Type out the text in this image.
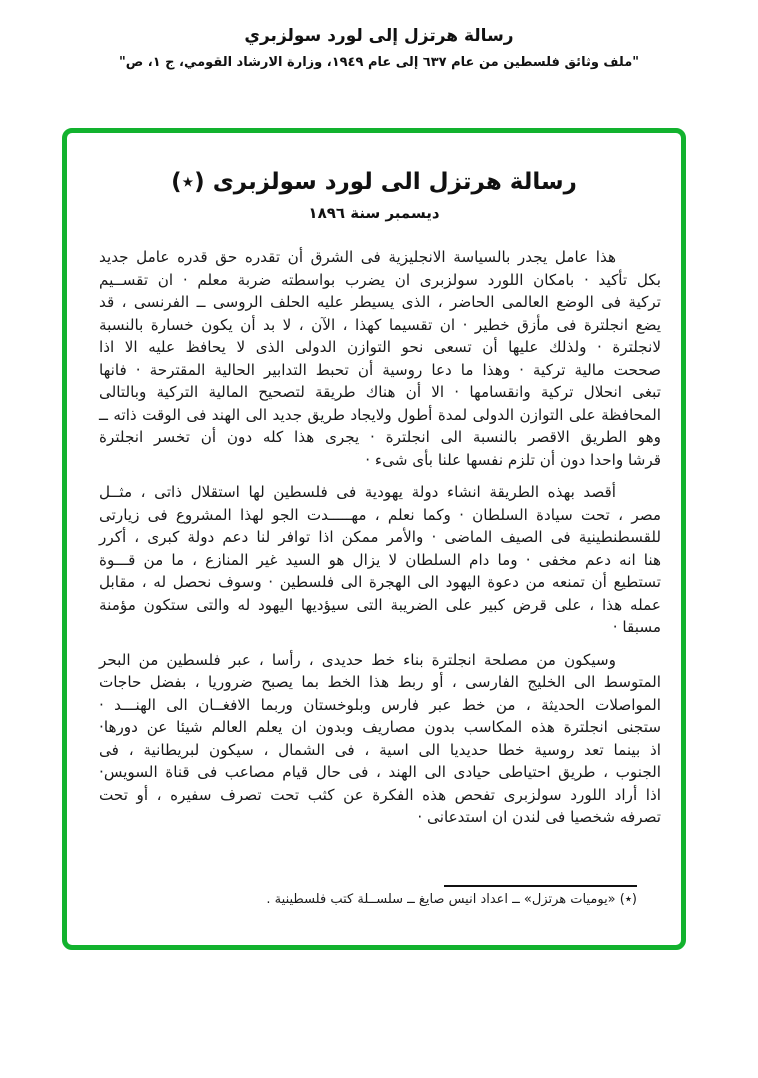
رسالة هرتزل إلى لورد سولزبري
"ملف وثائق فلسطين من عام ٦٣٧ إلى عام ١٩٤٩، وزارة الارشاد القومي، ج ١، ص"
رسالة هرتزل الى لورد سولزبرى (٭)
ديسمبر سنة ١٨٩٦
هذا عامل يجدر بالسياسة الانجليزية فى الشرق أن تقدره حق قدره عامل جديد
بكل تأكيد · بامكان اللورد سولزبرى ان يضرب بواسطته ضربة معلم · ان تقســيم
تركية فى الوضع العالمى الحاضر ، الذى يسيطر عليه الحلف الروسى ــ الفرنسى ، قد
يضع انجلترة فى مأزق خطير · ان تقسيما كهذا ، الآن ، لا بد أن يكون خسارة بالنسبة
لانجلترة · ولذلك عليها أن تسعى نحو التوازن الدولى الذى لا يحافظ عليه الا اذا
صححت مالية تركية · وهذا ما دعا روسية أن تحبط التدابير الحالية المقترحة · فانها
تبغى انحلال تركية وانقسامها · الا أن هناك طريقة لتصحيح المالية التركية وبالتالى
المحافظة على التوازن الدولى لمدة أطول ولايجاد طريق جديد الى الهند فى الوقت ذاته ــ
وهو الطريق الاقصر بالنسبة الى انجلترة · يجرى هذا كله دون أن تخسر انجلترة
قرشا واحدا دون أن تلزم نفسها علنا بأى شىء ·
أقصد بهذه الطريقة انشاء دولة يهودية فى فلسطين لها استقلال ذاتى ، مثــل
مصر ، تحت سيادة السلطان · وكما نعلم ، مهـــــدت الجو لهذا المشروع فى زيارتى
للقسطنطينية فى الصيف الماضى · والأمر ممكن اذا توافر لنا دعم دولة كبرى ، أكرر
هنا انه دعم مخفى · وما دام السلطان لا يزال هو السيد غير المنازع ، ما من قـــوة
تستطيع أن تمنعه من دعوة اليهود الى الهجرة الى فلسطين · وسوف نحصل له ، مقابل
عمله هذا ، على قرض كبير على الضريبة التى سيؤديها اليهود له والتى ستكون مؤمنة
مسبقا ·
وسيكون من مصلحة انجلترة بناء خط حديدى ، رأسا ، عبر فلسطين من البحر
المتوسط الى الخليج الفارسى ، أو ربط هذا الخط بما يصبح ضروريا ، بفضل حاجات
المواصلات الحديثة ، من خط عبر فارس وبلوخستان وربما الافغــان الى الهنـــد ·
ستجنى انجلترة هذه المكاسب بدون مصاريف وبدون ان يعلم العالم شيئا عن دورها·
اذ بينما تعد روسية خطا حديديا الى اسية ، فى الشمال ، سيكون لبريطانية ، فى
الجنوب ، طريق احتياطى حيادى الى الهند ، فى حال قيام مصاعب فى قناة السويس·
اذا أراد اللورد سولزبرى تفحص هذه الفكرة عن كثب تحت تصرف سفيره ، أو تحت
تصرفه شخصيا فى لندن ان استدعانى ·
(٭) «يوميات هرتزل» ــ اعداد انيس صايغ ــ سلســلة كتب فلسطينية .
